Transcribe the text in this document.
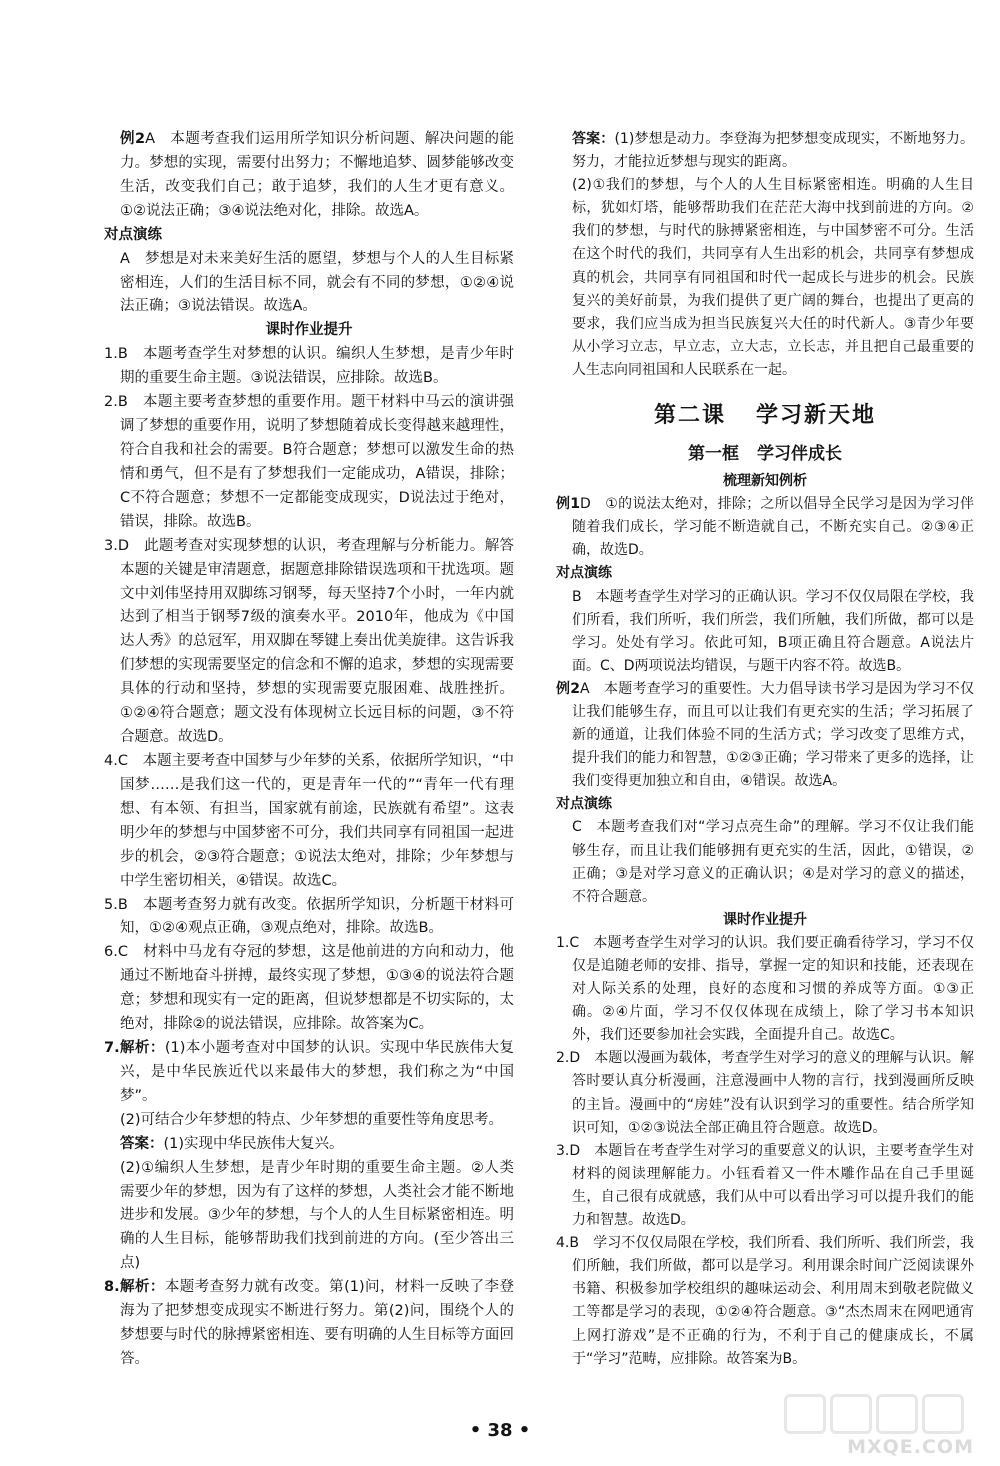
例2A　本题考查我们运用所学知识分析问题、解决问题的能力。梦想的实现，需要付出努力；不懈地追梦、圆梦能够改变生活，改变我们自己；敢于追梦，我们的人生才更有意义。①②说法正确；③④说法绝对化，排除。故选A。
对点演练
A　梦想是对未来美好生活的愿望，梦想与个人的人生目标紧密相连，人们的生活目标不同，就会有不同的梦想，①②④说法正确；③说法错误。故选A。
课时作业提升
1.B　本题考查学生对梦想的认识。编织人生梦想，是青少年时期的重要生命主题。③说法错误，应排除。故选B。
2.B　本题主要考查梦想的重要作用。题干材料中马云的演讲强调了梦想的重要作用，说明了梦想随着成长变得越来越理性，符合自我和社会的需要。B符合题意；梦想可以激发生命的热情和勇气，但不是有了梦想我们一定能成功，A错误，排除；C不符合题意；梦想不一定都能变成现实，D说法过于绝对，错误，排除。故选B。
3.D　此题考查对实现梦想的认识，考查理解与分析能力。解答本题的关键是审清题意，据题意排除错误选项和干扰选项。题文中刘伟坚持用双脚练习钢琴，每天坚持7个小时，一年内就达到了相当于钢琴7级的演奏水平。2010年，他成为《中国达人秀》的总冠军，用双脚在琴键上奏出优美旋律。这告诉我们梦想的实现需要坚定的信念和不懈的追求，梦想的实现需要具体的行动和坚持，梦想的实现需要克服困难、战胜挫折。①②④符合题意；题文没有体现树立长远目标的问题，③不符合题意。故选D。
4.C　本题主要考查中国梦与少年梦的关系，依据所学知识，“中国梦……是我们这一代的，更是青年一代的”“青年一代有理想、有本领、有担当，国家就有前途，民族就有希望”。这表明少年的梦想与中国梦密不可分，我们共同享有同祖国一起进步的机会，②③符合题意；①说法太绝对，排除；少年梦想与中学生密切相关，④错误。故选C。
5.B　本题考查努力就有改变。依据所学知识，分析题干材料可知，①②④观点正确，③观点绝对，排除。故选B。
6.C　材料中马龙有夺冠的梦想，这是他前进的方向和动力，他通过不断地奋斗拼搏，最终实现了梦想，①③④的说法符合题意；梦想和现实有一定的距离，但说梦想都是不切实际的，太绝对，排除②的说法错误，应排除。故答案为C。
7.解析：(1)本小题考查对中国梦的认识。实现中华民族伟大复兴，是中华民族近代以来最伟大的梦想，我们称之为“中国梦”。
(2)可结合少年梦想的特点、少年梦想的重要性等角度思考。
答案：(1)实现中华民族伟大复兴。
(2)①编织人生梦想，是青少年时期的重要生命主题。②人类需要少年的梦想，因为有了这样的梦想，人类社会才能不断地进步和发展。③少年的梦想，与个人的人生目标紧密相连。明确的人生目标，能够帮助我们找到前进的方向。(至少答出三点)
8.解析：本题考查努力就有改变。第(1)问，材料一反映了李登海为了把梦想变成现实不断进行努力。第(2)问，围绕个人的梦想要与时代的脉搏紧密相连、要有明确的人生目标等方面回答。
答案：(1)梦想是动力。李登海为把梦想变成现实，不断地努力。努力，才能拉近梦想与现实的距离。
(2)①我们的梦想，与个人的人生目标紧密相连。明确的人生目标，犹如灯塔，能够帮助我们在茫茫大海中找到前进的方向。②我们的梦想，与时代的脉搏紧密相连，与中国梦密不可分。生活在这个时代的我们，共同享有人生出彩的机会，共同享有梦想成真的机会，共同享有同祖国和时代一起成长与进步的机会。民族复兴的美好前景，为我们提供了更广阔的舞台，也提出了更高的要求，我们应当成为担当民族复兴大任的时代新人。③青少年要从小学习立志，早立志，立大志，立长志，并且把自己最重要的人生志向同祖国和人民联系在一起。
第二课 学习新天地
第一框 学习伴成长
梳理新知例析
例1D　①的说法太绝对，排除；之所以倡导全民学习是因为学习伴随着我们成长，学习能不断造就自己，不断充实自己。②③④正确，故选D。
对点演练
B　本题考查学生对学习的正确认识。学习不仅仅局限在学校，我们所看，我们所听，我们所尝，我们所触，我们所做，都可以是学习。处处有学习。依此可知，B项正确且符合题意。A说法片面。C、D两项说法均错误，与题干内容不符。故选B。
例2A　本题考查学习的重要性。大力倡导读书学习是因为学习不仅让我们能够生存，而且可以让我们有更充实的生活；学习拓展了新的通道，让我们体验不同的生活方式；学习改变了思维方式，提升我们的能力和智慧，①②③正确；学习带来了更多的选择，让我们变得更加独立和自由，④错误。故选A。
对点演练
C　本题考查我们对“学习点亮生命”的理解。学习不仅让我们能够生存，而且让我们能够拥有更充实的生活，因此，①错误，②正确；③是对学习意义的正确认识；④是对学习的意义的描述，不符合题意。
课时作业提升
1.C　本题考查学生对学习的认识。我们要正确看待学习，学习不仅仅是追随老师的安排、指导，掌握一定的知识和技能，还表现在对人际关系的处理，良好的态度和习惯的养成等方面。①③正确。②④片面，学习不仅仅体现在成绩上，除了学习书本知识外，我们还要参加社会实践，全面提升自己。故选C。
2.D　本题以漫画为载体，考查学生对学习的意义的理解与认识。解答时要认真分析漫画，注意漫画中人物的言行，找到漫画所反映的主旨。漫画中的“房娃”没有认识到学习的重要性。结合所学知识可知，①②③说法全部正确且符合题意。故选D。
3.D　本题旨在考查学生对学习的重要意义的认识，主要考查学生对材料的阅读理解能力。小钰看着又一件木雕作品在自己手里诞生，自己很有成就感，我们从中可以看出学习可以提升我们的能力和智慧。故选D。
4.B　学习不仅仅局限在学校，我们所看、我们所听、我们所尝，我们所触，我们所做，都可以是学习。利用课余时间广泛阅读课外书籍、积极参加学校组织的趣味运动会、利用周末到敬老院做义工等都是学习的表现，①②④符合题意。③“杰杰周末在网吧通宵上网打游戏”是不正确的行为，不利于自己的健康成长，不属于“学习”范畴，应排除。故答案为B。
• 38 •
MXQE.COM
